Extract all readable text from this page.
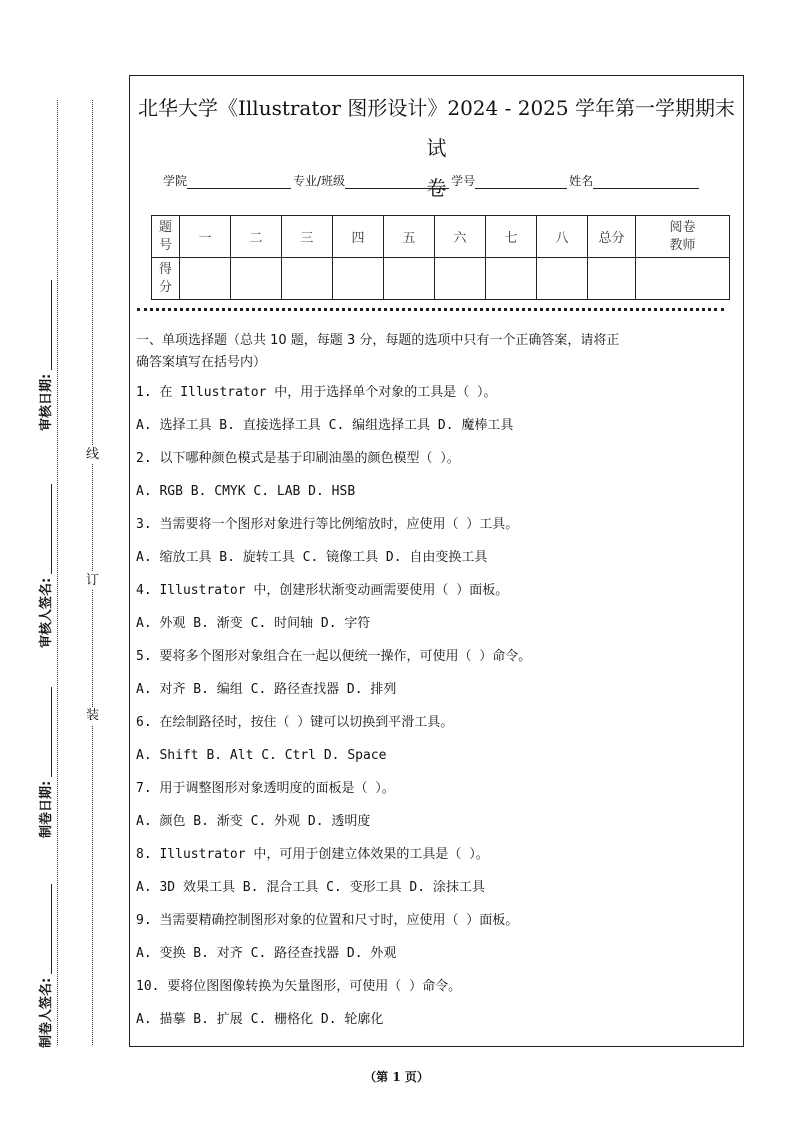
审核日期:
审核人签名:
制卷日期:
制卷人签名:
线
订
装
北华大学《Illustrator 图形设计》2024 - 2025 学年第一学期期末试
卷
学院	专业/班级	学号	姓名
题号	一	二	三	四	五	六	七	八	总分	阅卷教师
得分										
一、单项选择题（总共 10 题，每题 3 分，每题的选项中只有一个正确答案，请将正
确答案填写在括号内）
1. 在 Illustrator 中，用于选择单个对象的工具是（ ）。
A. 选择工具 B. 直接选择工具 C. 编组选择工具 D. 魔棒工具
2. 以下哪种颜色模式是基于印刷油墨的颜色模型（ ）。
A. RGB B. CMYK C. LAB D. HSB
3. 当需要将一个图形对象进行等比例缩放时，应使用（ ）工具。
A. 缩放工具 B. 旋转工具 C. 镜像工具 D. 自由变换工具
4. Illustrator 中，创建形状渐变动画需要使用（ ）面板。
A. 外观 B. 渐变 C. 时间轴 D. 字符
5. 要将多个图形对象组合在一起以便统一操作，可使用（ ）命令。
A. 对齐 B. 编组 C. 路径查找器 D. 排列
6. 在绘制路径时，按住（ ）键可以切换到平滑工具。
A. Shift B. Alt C. Ctrl D. Space
7. 用于调整图形对象透明度的面板是（ ）。
A. 颜色 B. 渐变 C. 外观 D. 透明度
8. Illustrator 中，可用于创建立体效果的工具是（ ）。
A. 3D 效果工具 B. 混合工具 C. 变形工具 D. 涂抹工具
9. 当需要精确控制图形对象的位置和尺寸时，应使用（ ）面板。
A. 变换 B. 对齐 C. 路径查找器 D. 外观
10. 要将位图图像转换为矢量图形，可使用（ ）命令。
A. 描摹 B. 扩展 C. 栅格化 D. 轮廓化
（第 1 页）
